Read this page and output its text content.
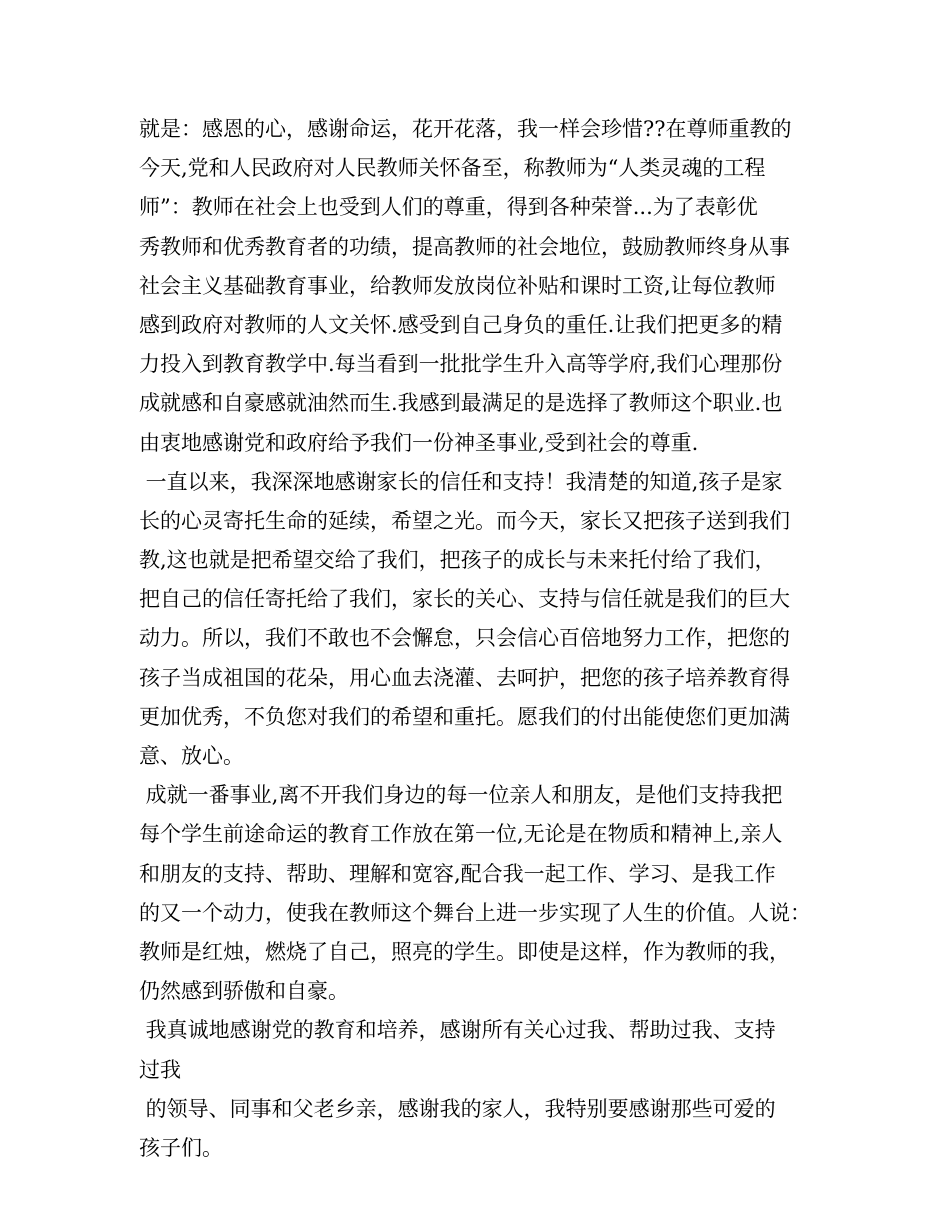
就是：感恩的心，感谢命运，花开花落，我一样会珍惜??在尊师重教的
今天,党和人民政府对人民教师关怀备至，称教师为“人类灵魂的工程
师”：教师在社会上也受到人们的尊重，得到各种荣誉...为了表彰优
秀教师和优秀教育者的功绩，提高教师的社会地位，鼓励教师终身从事
社会主义基础教育事业，给教师发放岗位补贴和课时工资,让每位教师
感到政府对教师的人文关怀.感受到自己身负的重任.让我们把更多的精
力投入到教育教学中.每当看到一批批学生升入高等学府,我们心理那份
成就感和自豪感就油然而生.我感到最满足的是选择了教师这个职业.也
由衷地感谢党和政府给予我们一份神圣事业,受到社会的尊重.
一直以来，我深深地感谢家长的信任和支持！我清楚的知道,孩子是家
长的心灵寄托生命的延续，希望之光。而今天，家长又把孩子送到我们
教,这也就是把希望交给了我们，把孩子的成长与未来托付给了我们，
把自己的信任寄托给了我们，家长的关心、支持与信任就是我们的巨大
动力。所以，我们不敢也不会懈怠，只会信心百倍地努力工作，把您的
孩子当成祖国的花朵，用心血去浇灌、去呵护，把您的孩子培养教育得
更加优秀，不负您对我们的希望和重托。愿我们的付出能使您们更加满
意、放心。
成就一番事业,离不开我们身边的每一位亲人和朋友，是他们支持我把
每个学生前途命运的教育工作放在第一位,无论是在物质和精神上,亲人
和朋友的支持、帮助、理解和宽容,配合我一起工作、学习、是我工作
的又一个动力，使我在教师这个舞台上进一步实现了人生的价值。人说：
教师是红烛，燃烧了自己，照亮的学生。即使是这样，作为教师的我，
仍然感到骄傲和自豪。
我真诚地感谢党的教育和培养，感谢所有关心过我、帮助过我、支持
过我
的领导、同事和父老乡亲，感谢我的家人，我特别要感谢那些可爱的
孩子们。
